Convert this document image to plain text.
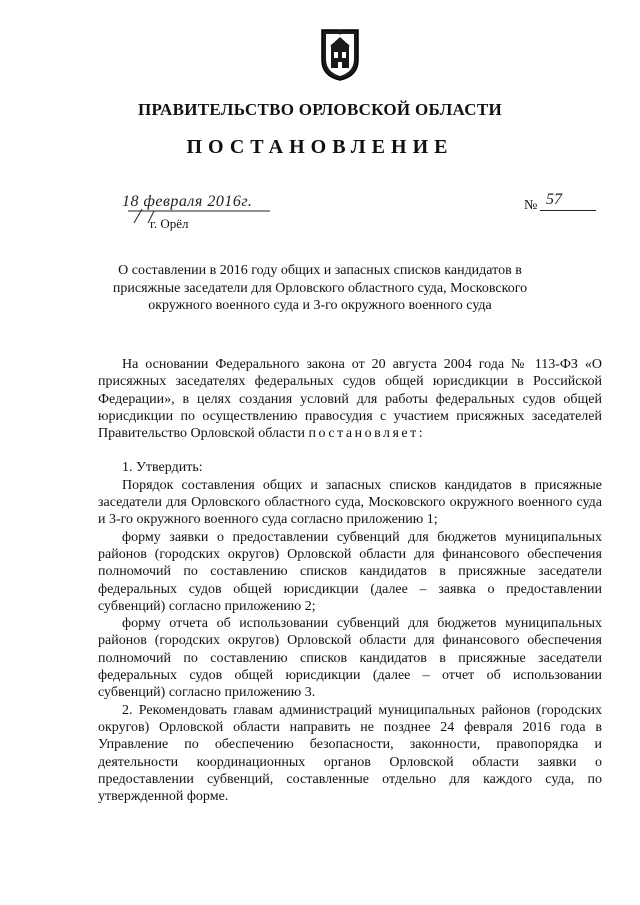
ПРАВИТЕЛЬСТВО ОРЛОВСКОЙ ОБЛАСТИ
ПОСТАНОВЛЕНИЕ
18 февраля 2016г.
г. Орёл
№ 57
О составлении в 2016 году общих и запасных списков кандидатов в присяжные заседатели для Орловского областного суда, Московского окружного военного суда и 3-го окружного военного суда

На основании Федерального закона от 20 августа 2004 года № 113-ФЗ «О присяжных заседателях федеральных судов общей юрисдикции в Российской Федерации», в целях создания условий для работы федеральных судов общей юрисдикции по осуществлению правосудия с участием присяжных заседателей Правительство Орловской области постановляет:

1. Утвердить:

Порядок составления общих и запасных списков кандидатов в присяжные заседатели для Орловского областного суда, Московского окружного военного суда и 3-го окружного военного суда согласно приложению 1;

форму заявки о предоставлении субвенций для бюджетов муниципальных районов (городских округов) Орловской области для финансового обеспечения полномочий по составлению списков кандидатов в присяжные заседатели федеральных судов общей юрисдикции (далее – заявка о предоставлении субвенций) согласно приложению 2;

форму отчета об использовании субвенций для бюджетов муниципальных районов (городских округов) Орловской области для финансового обеспечения полномочий по составлению списков кандидатов в присяжные заседатели федеральных судов общей юрисдикции (далее – отчет об использовании субвенций) согласно приложению 3.

2. Рекомендовать главам администраций муниципальных районов (городских округов) Орловской области направить не позднее 24 февраля 2016 года в Управление по обеспечению безопасности, законности, правопорядка и деятельности координационных органов Орловской области заявки о предоставлении субвенций, составленные отдельно для каждого суда, по утвержденной форме.
